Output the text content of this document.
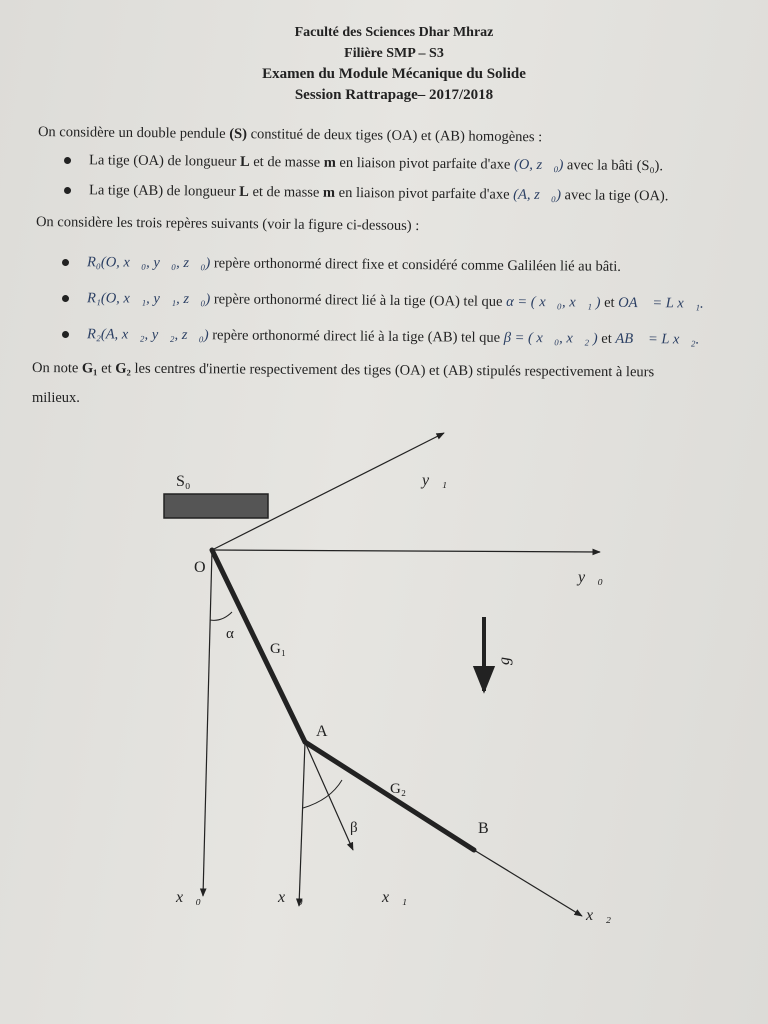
Faculté des Sciences Dhar Mhraz
Filière SMP – S3
Examen du Module Mécanique du Solide
Session Rattrapage– 2017/2018
On considère un double pendule (S) constitué de deux tiges (OA) et (AB) homogènes :
La tige (OA) de longueur L et de masse m en liaison pivot parfaite d'axe (O, z⃗₀) avec la bâti (S₀).
La tige (AB) de longueur L et de masse m en liaison pivot parfaite d'axe (A, z⃗₀) avec la tige (OA).
On considère les trois repères suivants (voir la figure ci-dessous) :
R₀(O, x⃗₀, y⃗₀, z⃗₀) repère orthonormé direct fixe et considéré comme Galiléen lié au bâti.
R₁(O, x⃗₁, y⃗₁, z⃗₀) repère orthonormé direct lié à la tige (OA) tel que α = ( x⃗₀, x⃗₁ ) et OA⃗ = L x⃗₁.
R₂(A, x⃗₂, y⃗₂, z⃗₀) repère orthonormé direct lié à la tige (AB) tel que β = ( x⃗₀, x⃗₂ ) et AB⃗ = L x⃗₂.
On note G₁ et G₂ les centres d'inertie respectivement des tiges (OA) et (AB) stipulés respectivement à leurs
milieux.
S₀
y⃗₀
y⃗₁
x⃗₀
O
α
G₁	g⃗
A
x⃗₀	x⃗₁
β
G₂
B
x⃗₂
